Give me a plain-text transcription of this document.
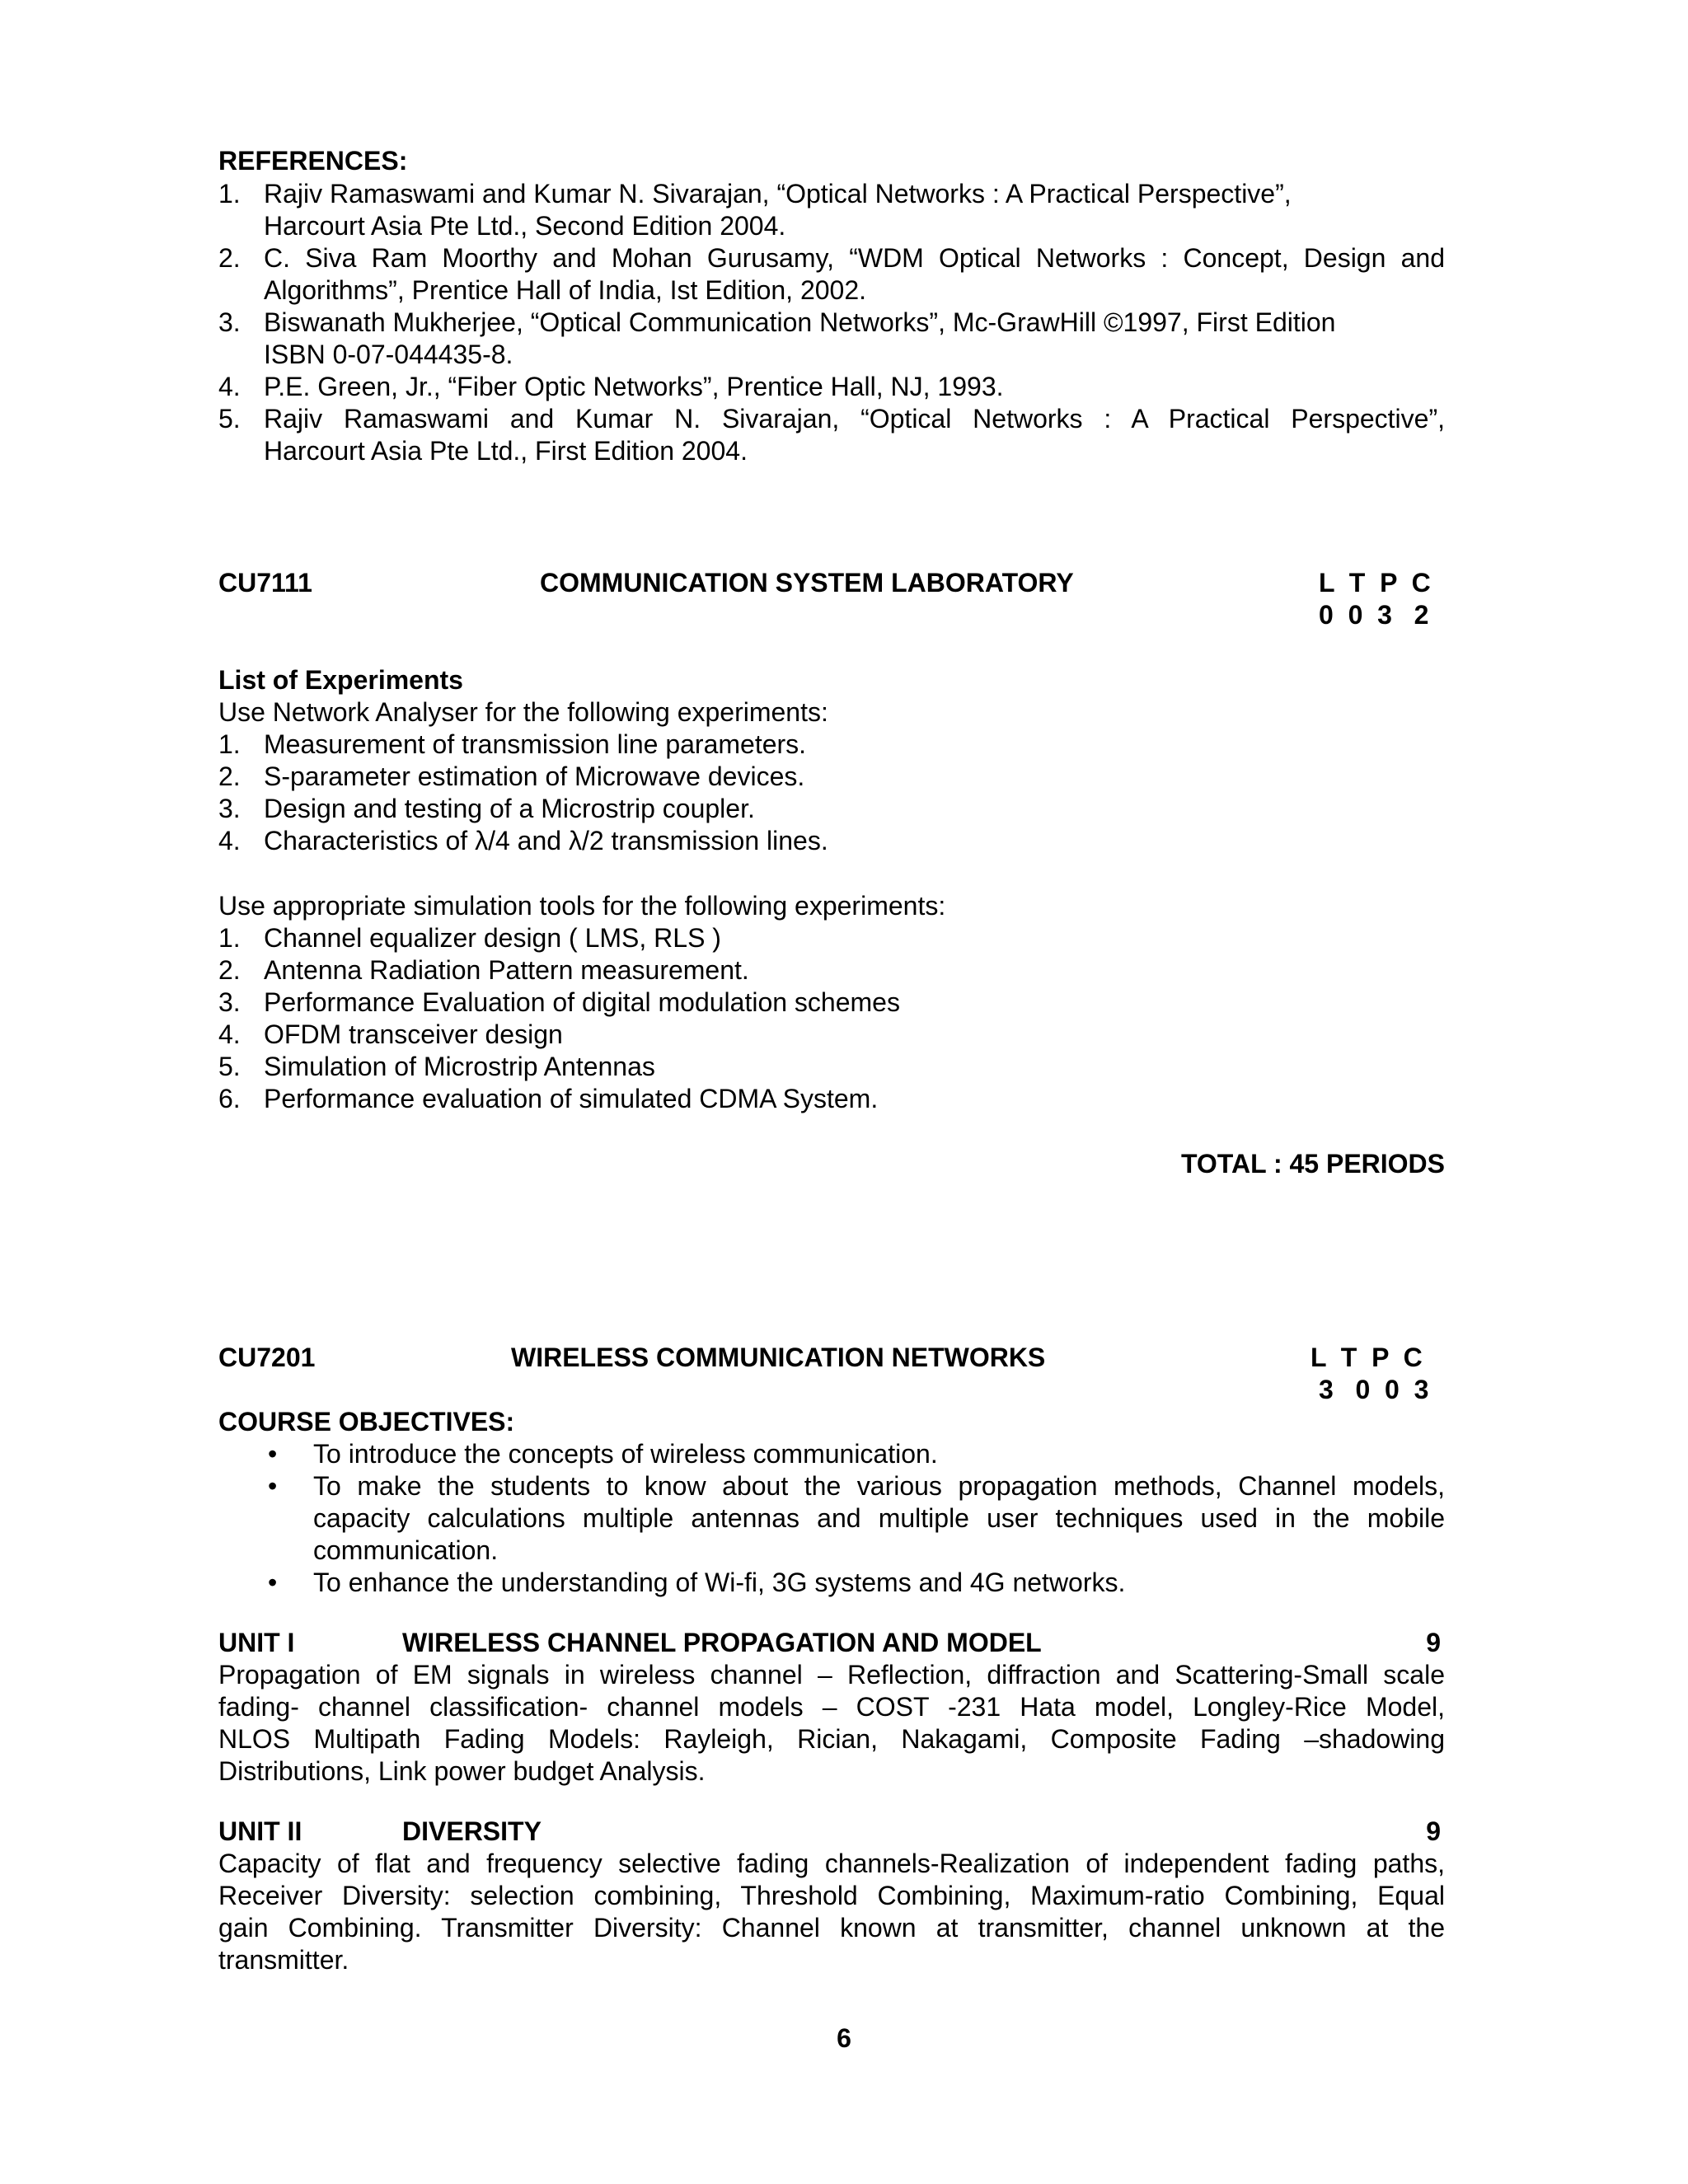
REFERENCES:
1. Rajiv Ramaswami and Kumar N. Sivarajan, “Optical Networks : A Practical Perspective”,
Harcourt Asia Pte Ltd., Second Edition 2004.
2. C. Siva Ram Moorthy and Mohan Gurusamy, “WDM Optical Networks : Concept, Design and
Algorithms”, Prentice Hall of India, Ist Edition, 2002.
3. Biswanath Mukherjee, “Optical Communication Networks”, Mc-GrawHill ©1997, First Edition
ISBN 0-07-044435-8.
4. P.E. Green, Jr., “Fiber Optic Networks”, Prentice Hall, NJ, 1993.
5. Rajiv Ramaswami and Kumar N. Sivarajan, “Optical Networks : A Practical Perspective”,
Harcourt Asia Pte Ltd., First Edition 2004.
CU7111	COMMUNICATION SYSTEM LABORATORY	L  T  P  C
0  0  3   2
List of Experiments
Use Network Analyser for the following experiments:
1. Measurement of transmission line parameters.
2. S-parameter estimation of Microwave devices.
3. Design and testing of a Microstrip coupler.
4. Characteristics of λ/4 and λ/2 transmission lines.
Use appropriate simulation tools for the following experiments:
1. Channel equalizer design ( LMS, RLS )
2. Antenna Radiation Pattern measurement.
3. Performance Evaluation of digital modulation schemes
4. OFDM transceiver design
5. Simulation of Microstrip Antennas
6. Performance evaluation of simulated CDMA System.
TOTAL : 45 PERIODS
CU7201	WIRELESS COMMUNICATION NETWORKS	L  T  P  C
3   0  0  3
COURSE OBJECTIVES:
• To introduce the concepts of wireless communication.
• To make the students to know about the various propagation methods, Channel models,
capacity calculations multiple antennas and multiple user techniques used in the mobile
communication.
• To enhance the understanding of Wi-fi, 3G systems and 4G networks.
UNIT I	WIRELESS CHANNEL PROPAGATION AND MODEL	9
Propagation of EM signals in wireless channel – Reflection, diffraction and Scattering-Small scale
fading- channel classification- channel models – COST -231 Hata model, Longley-Rice Model,
NLOS Multipath Fading Models: Rayleigh, Rician, Nakagami, Composite Fading –shadowing
Distributions, Link power budget Analysis.
UNIT II	DIVERSITY	9
Capacity of flat and frequency selective fading channels-Realization of independent fading paths,
Receiver Diversity: selection combining, Threshold Combining, Maximum-ratio Combining, Equal
gain Combining. Transmitter Diversity: Channel known at transmitter, channel unknown at the
transmitter.
6
